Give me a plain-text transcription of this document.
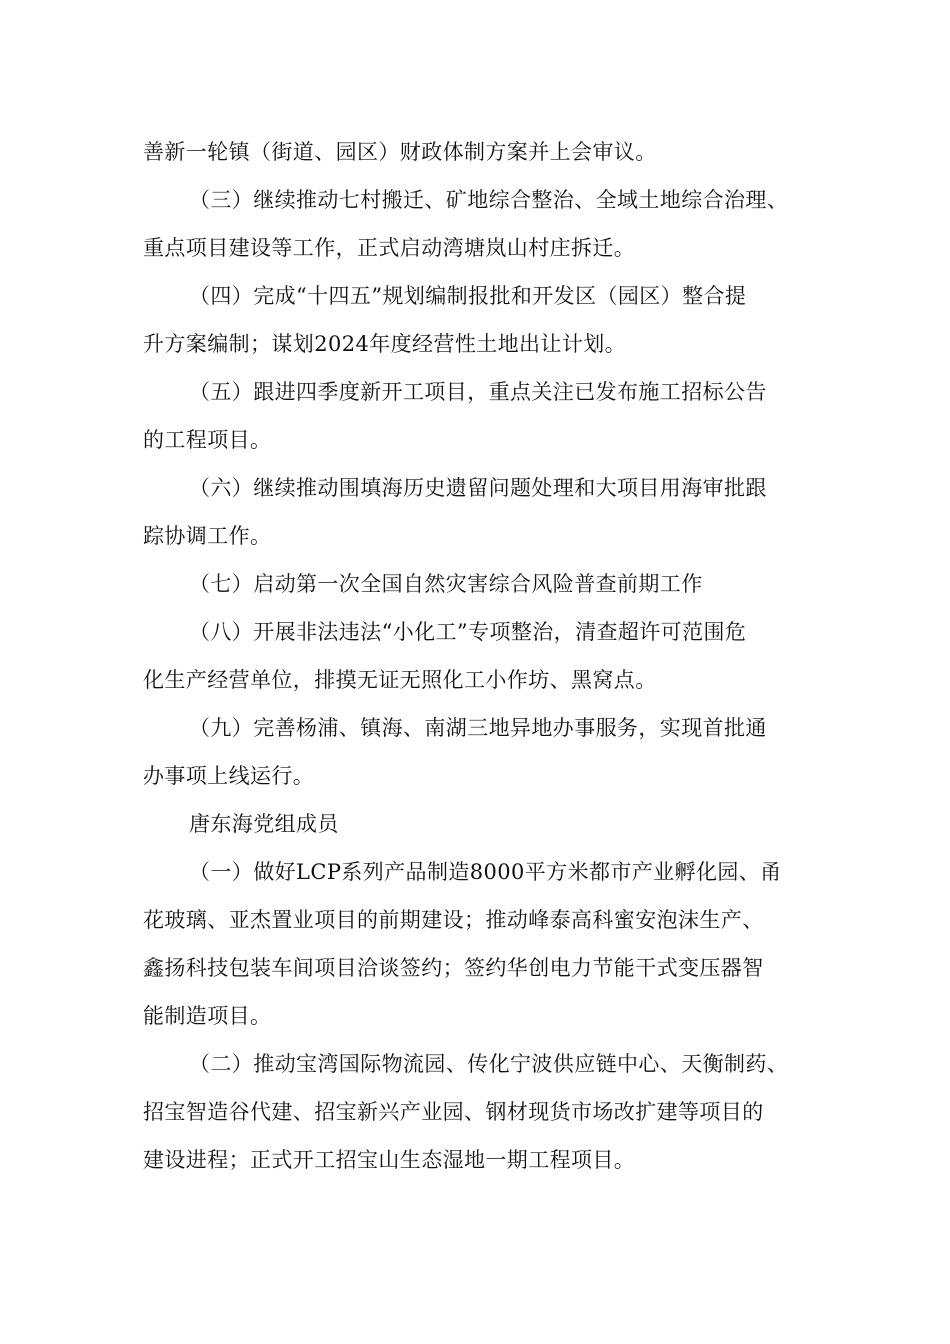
善新一轮镇（街道、园区）财政体制方案并上会审议。
（三）继续推动七村搬迁、矿地综合整治、全域土地综合治理、
重点项目建设等工作，正式启动湾塘岚山村庄拆迁。
（四）完成“十四五”规划编制报批和开发区（园区）整合提
升方案编制；谋划2024年度经营性土地出让计划。
（五）跟进四季度新开工项目，重点关注已发布施工招标公告
的工程项目。
（六）继续推动围填海历史遗留问题处理和大项目用海审批跟
踪协调工作。
（七）启动第一次全国自然灾害综合风险普查前期工作
（八）开展非法违法“小化工”专项整治，清查超许可范围危
化生产经营单位，排摸无证无照化工小作坊、黑窝点。
（九）完善杨浦、镇海、南湖三地异地办事服务，实现首批通
办事项上线运行。
唐东海党组成员
（一）做好LCP系列产品制造8000平方米都市产业孵化园、甬
花玻璃、亚杰置业项目的前期建设；推动峰泰高科蜜安泡沫生产、
鑫扬科技包装车间项目洽谈签约；签约华创电力节能干式变压器智
能制造项目。
（二）推动宝湾国际物流园、传化宁波供应链中心、天衡制药、
招宝智造谷代建、招宝新兴产业园、钢材现货市场改扩建等项目的
建设进程；正式开工招宝山生态湿地一期工程项目。
